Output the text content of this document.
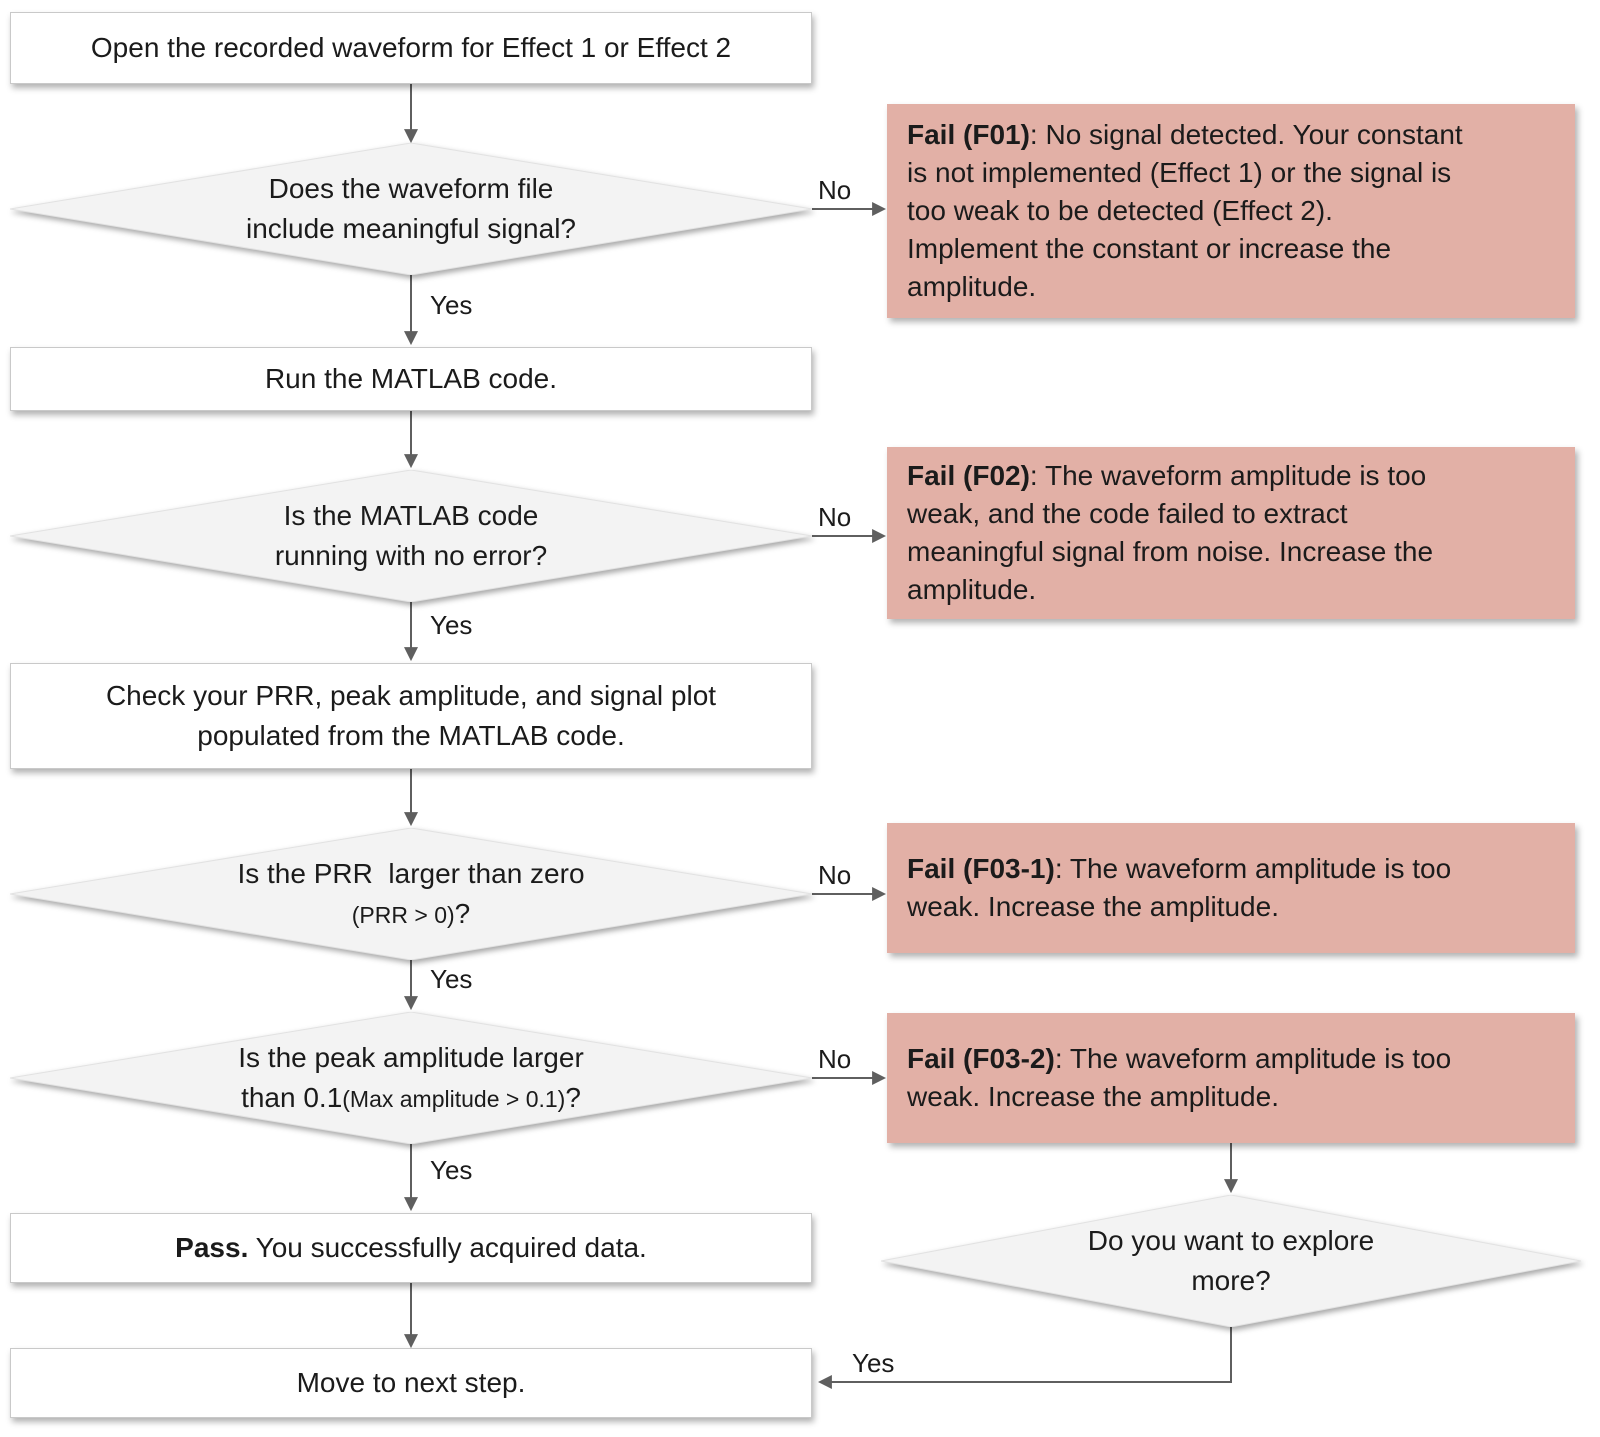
Open the recorded waveform for Effect 1 or Effect 2
Run the MATLAB code.
Check your PRR, peak amplitude, and signal plot
populated from the MATLAB code.
Pass. You successfully acquired data.
Move to next step.
Does the waveform file
include meaningful signal?
Is the MATLAB code
running with no error?
Is the PRR  larger than zero
(PRR > 0)?
Is the peak amplitude larger
than 0.1(Max amplitude > 0.1)?
Do you want to explore
more?
Fail (F01): No signal detected. Your constant
is not implemented (Effect 1) or the signal is
too weak to be detected (Effect 2).
Implement the constant or increase the
amplitude.
Fail (F02): The waveform amplitude is too
weak, and the code failed to extract
meaningful signal from noise. Increase the
amplitude.
Fail (F03-1): The waveform amplitude is too
weak. Increase the amplitude.
Fail (F03-2): The waveform amplitude is too
weak. Increase the amplitude.
Yes
Yes
Yes
Yes
Yes
No
No
No
No
